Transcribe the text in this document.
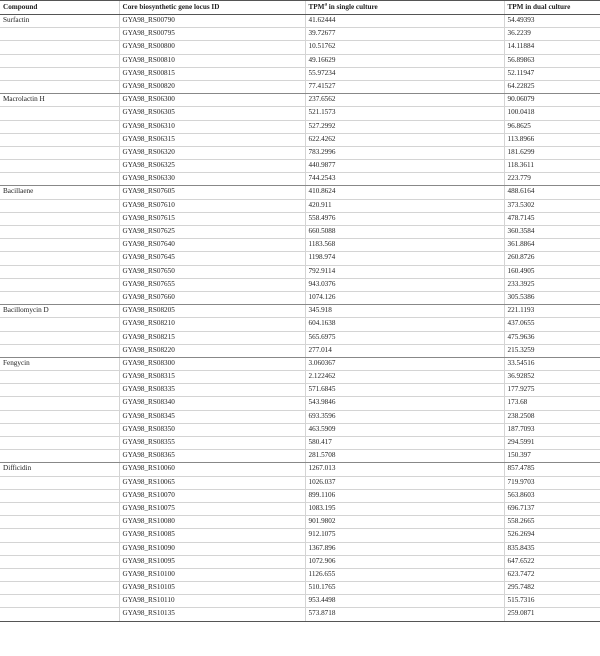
Compound	Core biosynthetic gene locus ID	TPM$^a$ in single culture	TPM in dual culture
Surfactin	GYA98_RS00790	41.62444	54.49393
	GYA98_RS00795	39.72677	36.2239
	GYA98_RS00800	10.51762	14.11884
	GYA98_RS00810	49.16629	56.89863
	GYA98_RS00815	55.97234	52.11947
	GYA98_RS00820	77.41527	64.22825
Macrolactin H	GYA98_RS06300	237.6562	90.06079
	GYA98_RS06305	521.1573	100.0418
	GYA98_RS06310	527.2992	96.8625
	GYA98_RS06315	622.4262	113.8966
	GYA98_RS06320	783.2996	181.6299
	GYA98_RS06325	440.9877	118.3611
	GYA98_RS06330	744.2543	223.779
Bacillaene	GYA98_RS07605	410.8624	488.6164
	GYA98_RS07610	420.911	373.5302
	GYA98_RS07615	558.4976	478.7145
	GYA98_RS07625	660.5088	360.3584
	GYA98_RS07640	1183.568	361.8864
	GYA98_RS07645	1198.974	260.8726
	GYA98_RS07650	792.9114	160.4905
	GYA98_RS07655	943.0376	233.3925
	GYA98_RS07660	1074.126	305.5386
Bacillomycin D	GYA98_RS08205	345.918	221.1193
	GYA98_RS08210	604.1638	437.0655
	GYA98_RS08215	565.6975	475.9636
	GYA98_RS08220	277.014	215.3259
Fengycin	GYA98_RS08300	3.060367	33.54516
	GYA98_RS08315	2.122462	36.92852
	GYA98_RS08335	571.6845	177.9275
	GYA98_RS08340	543.9846	173.68
	GYA98_RS08345	693.3596	238.2508
	GYA98_RS08350	463.5909	187.7093
	GYA98_RS08355	580.417	294.5991
	GYA98_RS08365	281.5708	150.397
Difficidin	GYA98_RS10060	1267.013	857.4785
	GYA98_RS10065	1026.037	719.9703
	GYA98_RS10070	899.1106	563.8603
	GYA98_RS10075	1083.195	696.7137
	GYA98_RS10080	901.9802	558.2665
	GYA98_RS10085	912.1075	526.2694
	GYA98_RS10090	1367.896	835.8435
	GYA98_RS10095	1072.906	647.6522
	GYA98_RS10100	1126.655	623.7472
	GYA98_RS10105	510.1765	295.7482
	GYA98_RS10110	953.4498	515.7316
	GYA98_RS10135	573.8718	259.0871
